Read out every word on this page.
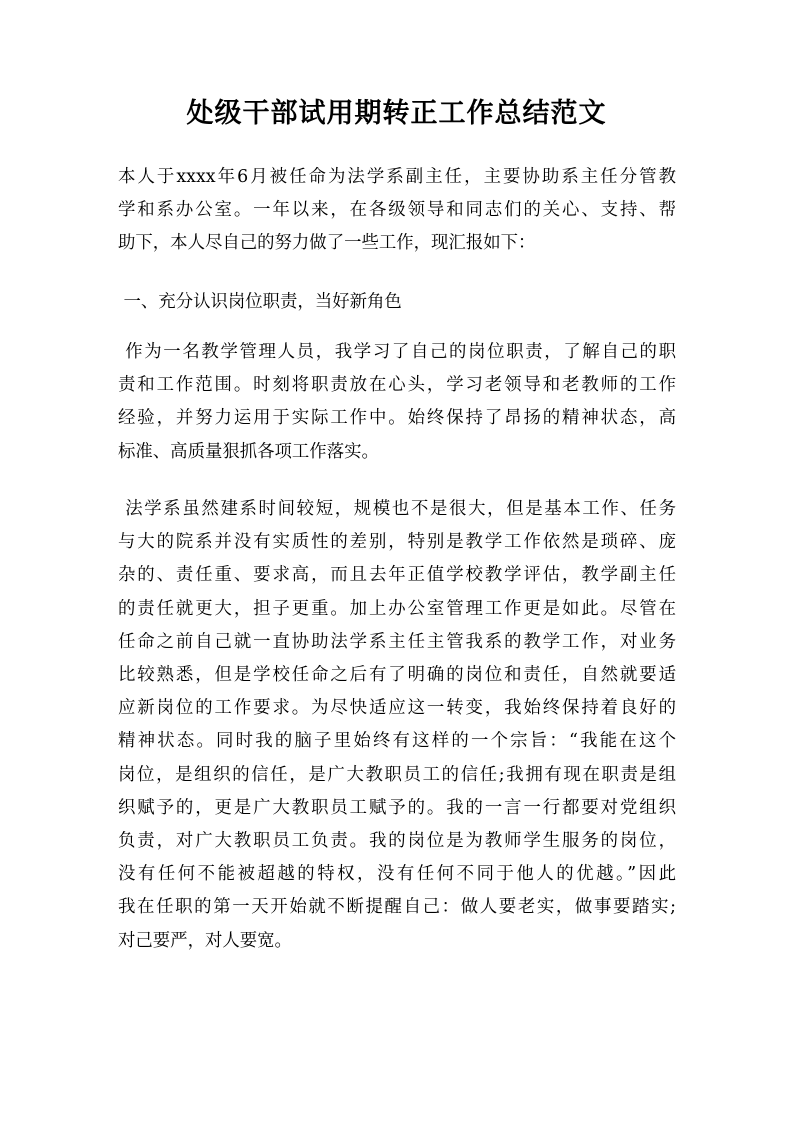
处级干部试用期转正工作总结范文
本人于xxxx年6月被任命为法学系副主任，主要协助系主任分管教
学和系办公室。一年以来，在各级领导和同志们的关心、支持、帮
助下，本人尽自己的努力做了一些工作，现汇报如下：
一、充分认识岗位职责，当好新角色
作为一名教学管理人员，我学习了自己的岗位职责，了解自己的职
责和工作范围。时刻将职责放在心头，学习老领导和老教师的工作
经验，并努力运用于实际工作中。始终保持了昂扬的精神状态，高
标准、高质量狠抓各项工作落实。
法学系虽然建系时间较短，规模也不是很大，但是基本工作、任务
与大的院系并没有实质性的差别，特别是教学工作依然是琐碎、庞
杂的、责任重、要求高，而且去年正值学校教学评估，教学副主任
的责任就更大，担子更重。加上办公室管理工作更是如此。尽管在
任命之前自己就一直协助法学系主任主管我系的教学工作，对业务
比较熟悉，但是学校任命之后有了明确的岗位和责任，自然就要适
应新岗位的工作要求。为尽快适应这一转变，我始终保持着良好的
精神状态。同时我的脑子里始终有这样的一个宗旨：“我能在这个
岗位，是组织的信任，是广大教职员工的信任;我拥有现在职责是组
织赋予的，更是广大教职员工赋予的。我的一言一行都要对党组织
负责，对广大教职员工负责。我的岗位是为教师学生服务的岗位，
没有任何不能被超越的特权，没有任何不同于他人的优越。”因此
我在任职的第一天开始就不断提醒自己：做人要老实，做事要踏实;
对己要严，对人要宽。
